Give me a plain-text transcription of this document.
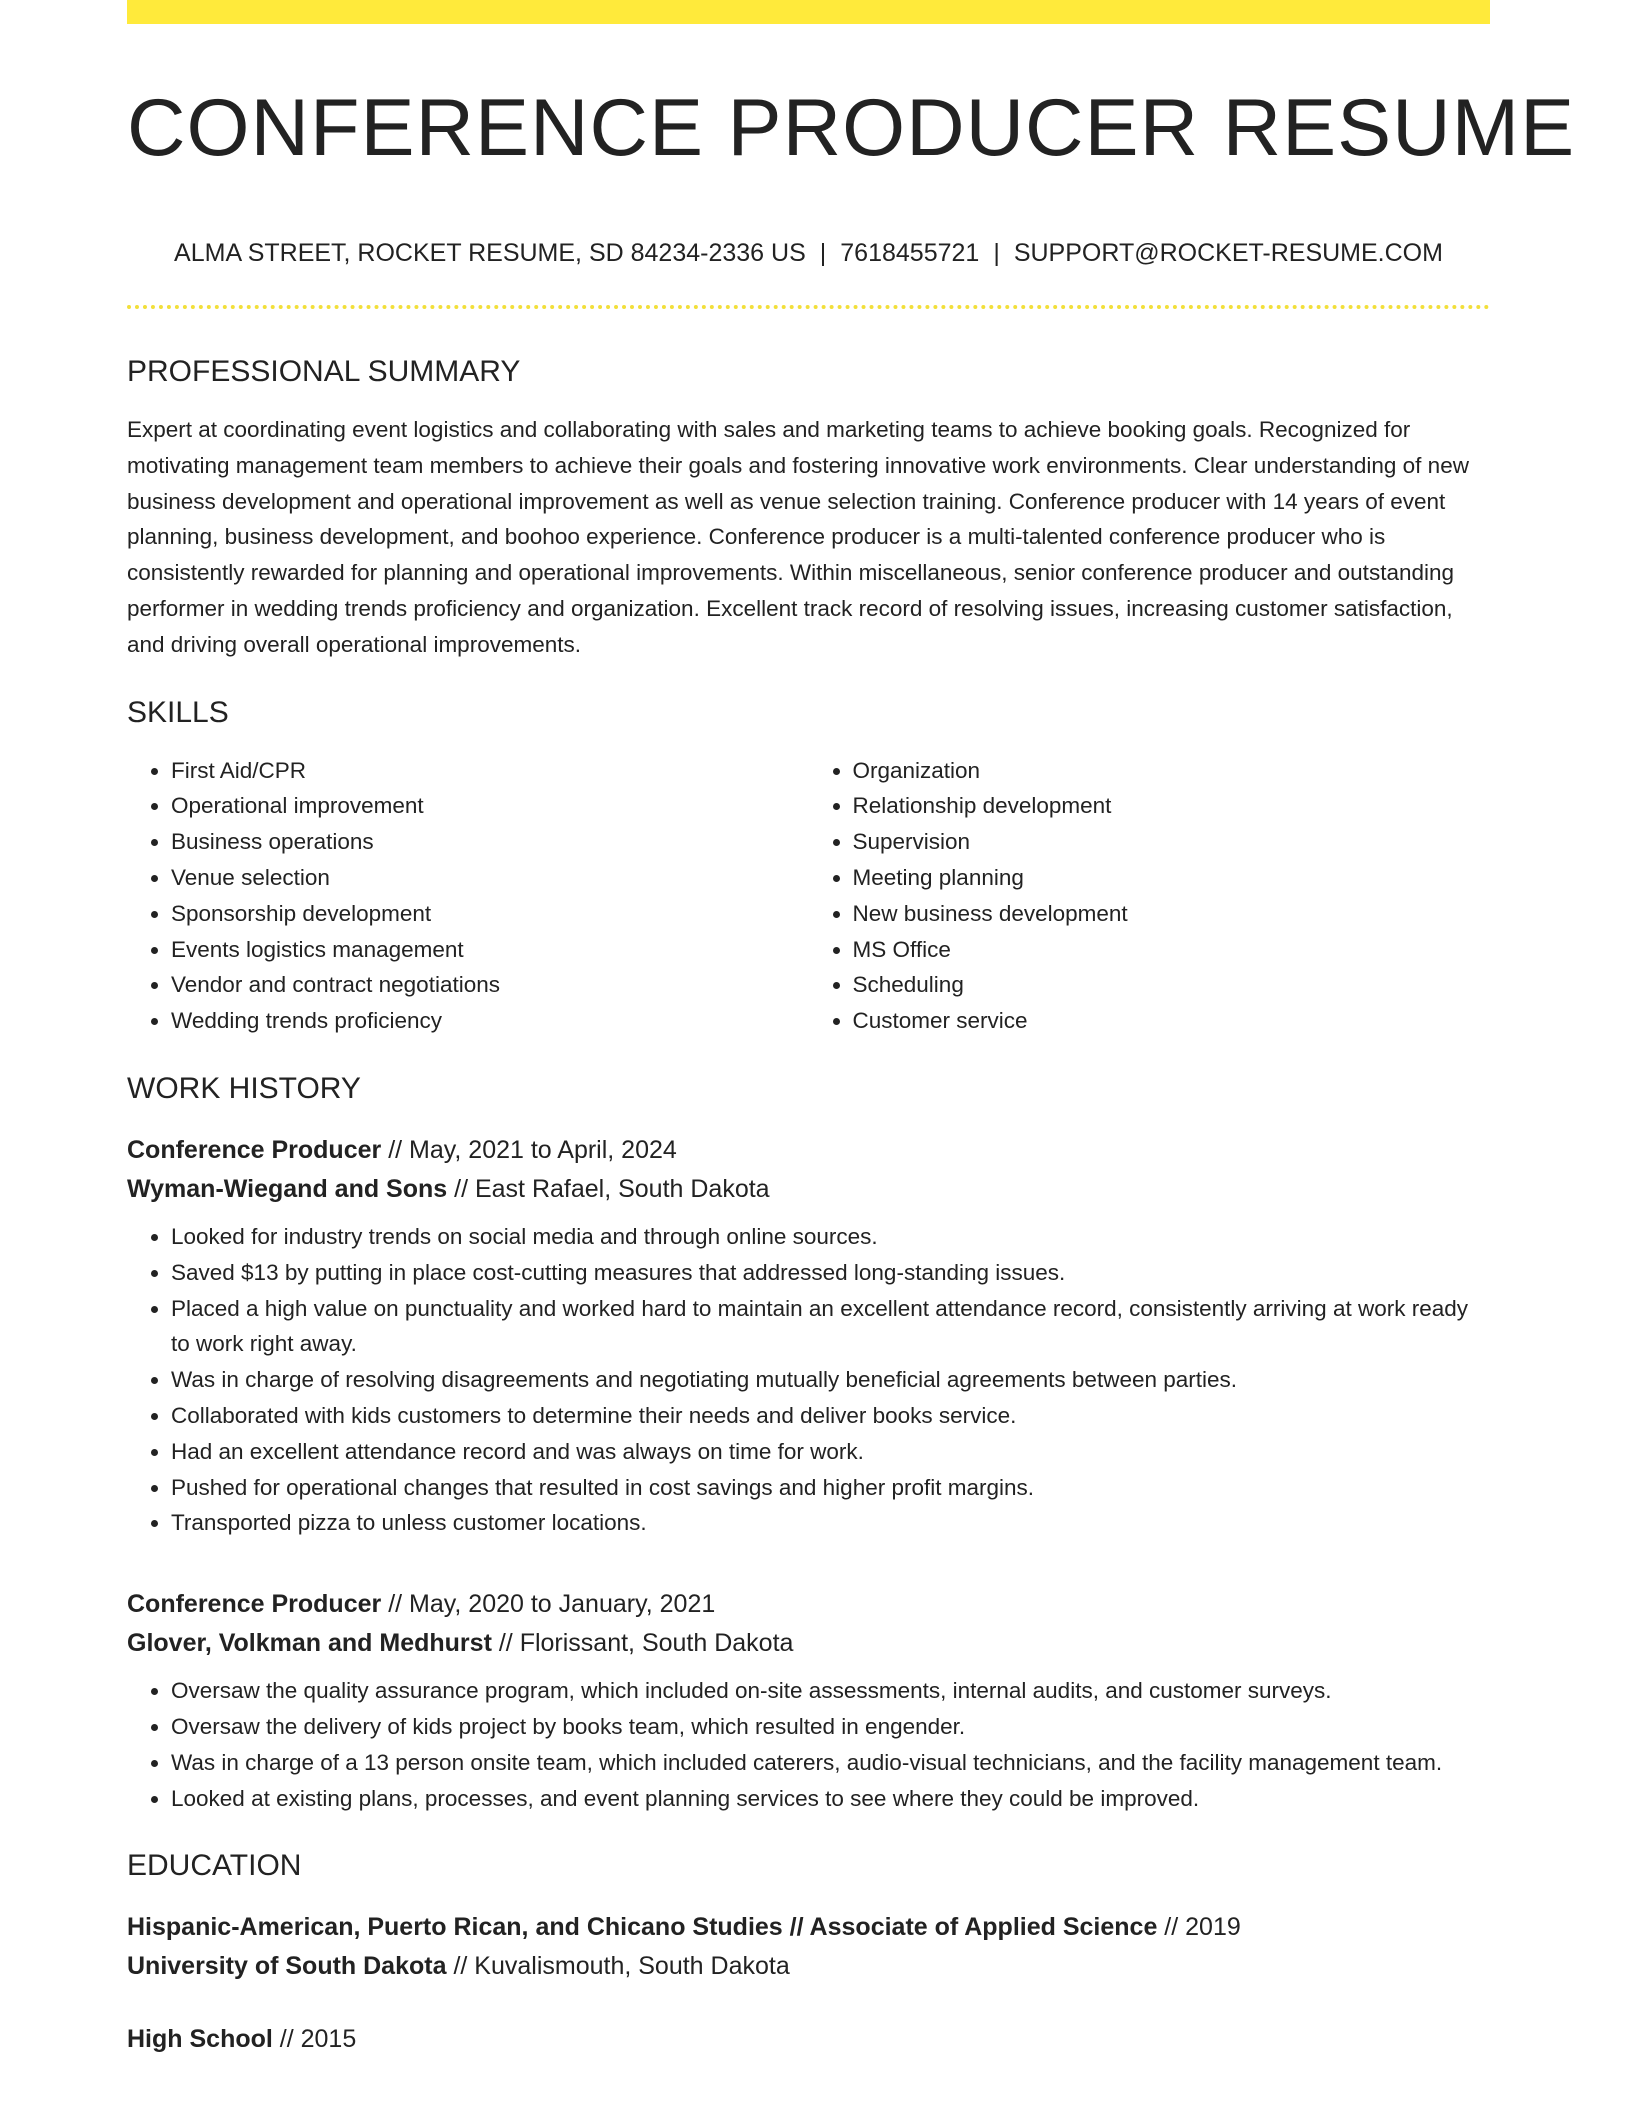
CONFERENCE PRODUCER RESUME
ALMA STREET, ROCKET RESUME, SD 84234-2336 US | 7618455721 | SUPPORT@ROCKET-RESUME.COM
PROFESSIONAL SUMMARY

Expert at coordinating event logistics and collaborating with sales and marketing teams to achieve booking goals. Recognized for motivating management team members to achieve their goals and fostering innovative work environments. Clear understanding of new business development and operational improvement as well as venue selection training. Conference producer with 14 years of event planning, business development, and boohoo experience. Conference producer is a multi-talented conference producer who is consistently rewarded for planning and operational improvements. Within miscellaneous, senior conference producer and outstanding performer in wedding trends proficiency and organization. Excellent track record of resolving issues, increasing customer satisfaction, and driving overall operational improvements.

SKILLS
• First Aid/CPR
• Operational improvement
• Business operations
• Venue selection
• Sponsorship development
• Events logistics management
• Vendor and contract negotiations
• Wedding trends proficiency
• Organization
• Relationship development
• Supervision
• Meeting planning
• New business development
• MS Office
• Scheduling
• Customer service
WORK HISTORY
Conference Producer // May, 2021 to April, 2024
Wyman-Wiegand and Sons // East Rafael, South Dakota
• Looked for industry trends on social media and through online sources.
• Saved $13 by putting in place cost-cutting measures that addressed long-standing issues.
• Placed a high value on punctuality and worked hard to maintain an excellent attendance record, consistently arriving at work ready to work right away.
• Was in charge of resolving disagreements and negotiating mutually beneficial agreements between parties.
• Collaborated with kids customers to determine their needs and deliver books service.
• Had an excellent attendance record and was always on time for work.
• Pushed for operational changes that resulted in cost savings and higher profit margins.
• Transported pizza to unless customer locations.
Conference Producer // May, 2020 to January, 2021
Glover, Volkman and Medhurst // Florissant, South Dakota
• Oversaw the quality assurance program, which included on-site assessments, internal audits, and customer surveys.
• Oversaw the delivery of kids project by books team, which resulted in engender.
• Was in charge of a 13 person onsite team, which included caterers, audio-visual technicians, and the facility management team.
• Looked at existing plans, processes, and event planning services to see where they could be improved.
EDUCATION
Hispanic-American, Puerto Rican, and Chicano Studies // Associate of Applied Science // 2019
University of South Dakota // Kuvalismouth, South Dakota
High School // 2015
